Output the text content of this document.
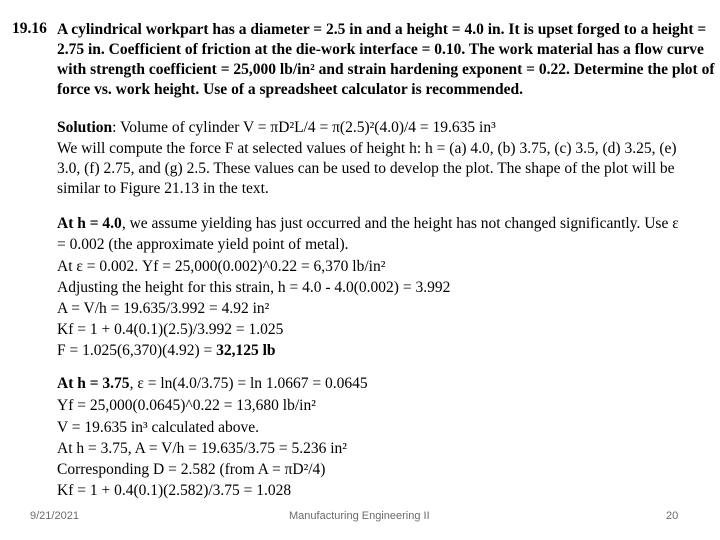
19.16 A cylindrical workpart has a diameter = 2.5 in and a height = 4.0 in. It is upset forged to a height =
2.75 in. Coefficient of friction at the die-work interface = 0.10. The work material has a flow curve
with strength coefficient = 25,000 lb/in² and strain hardening exponent = 0.22. Determine the plot of
force vs. work height. Use of a spreadsheet calculator is recommended.
Solution: Volume of cylinder V = πD²L/4 = π(2.5)²(4.0)/4 = 19.635 in³
We will compute the force F at selected values of height h: h = (a) 4.0, (b) 3.75, (c) 3.5, (d) 3.25, (e)
3.0, (f) 2.75, and (g) 2.5. These values can be used to develop the plot. The shape of the plot will be
similar to Figure 21.13 in the text.
At h = 4.0, we assume yielding has just occurred and the height has not changed significantly. Use ε
= 0.002 (the approximate yield point of metal).
At ε = 0.002. Yf = 25,000(0.002)^0.22 = 6,370 lb/in²
Adjusting the height for this strain, h = 4.0 - 4.0(0.002) = 3.992
A = V/h = 19.635/3.992 = 4.92 in²
Kf = 1 + 0.4(0.1)(2.5)/3.992 = 1.025
F = 1.025(6,370)(4.92) = 32,125 lb
At h = 3.75, ε = ln(4.0/3.75) = ln 1.0667 = 0.0645
Yf = 25,000(0.0645)^0.22 = 13,680 lb/in²
V = 19.635 in³ calculated above.
At h = 3.75, A = V/h = 19.635/3.75 = 5.236 in²
Corresponding D = 2.582 (from A = πD²/4)
Kf = 1 + 0.4(0.1)(2.582)/3.75 = 1.028
9/21/2021	Manufacturing Engineering II	20
